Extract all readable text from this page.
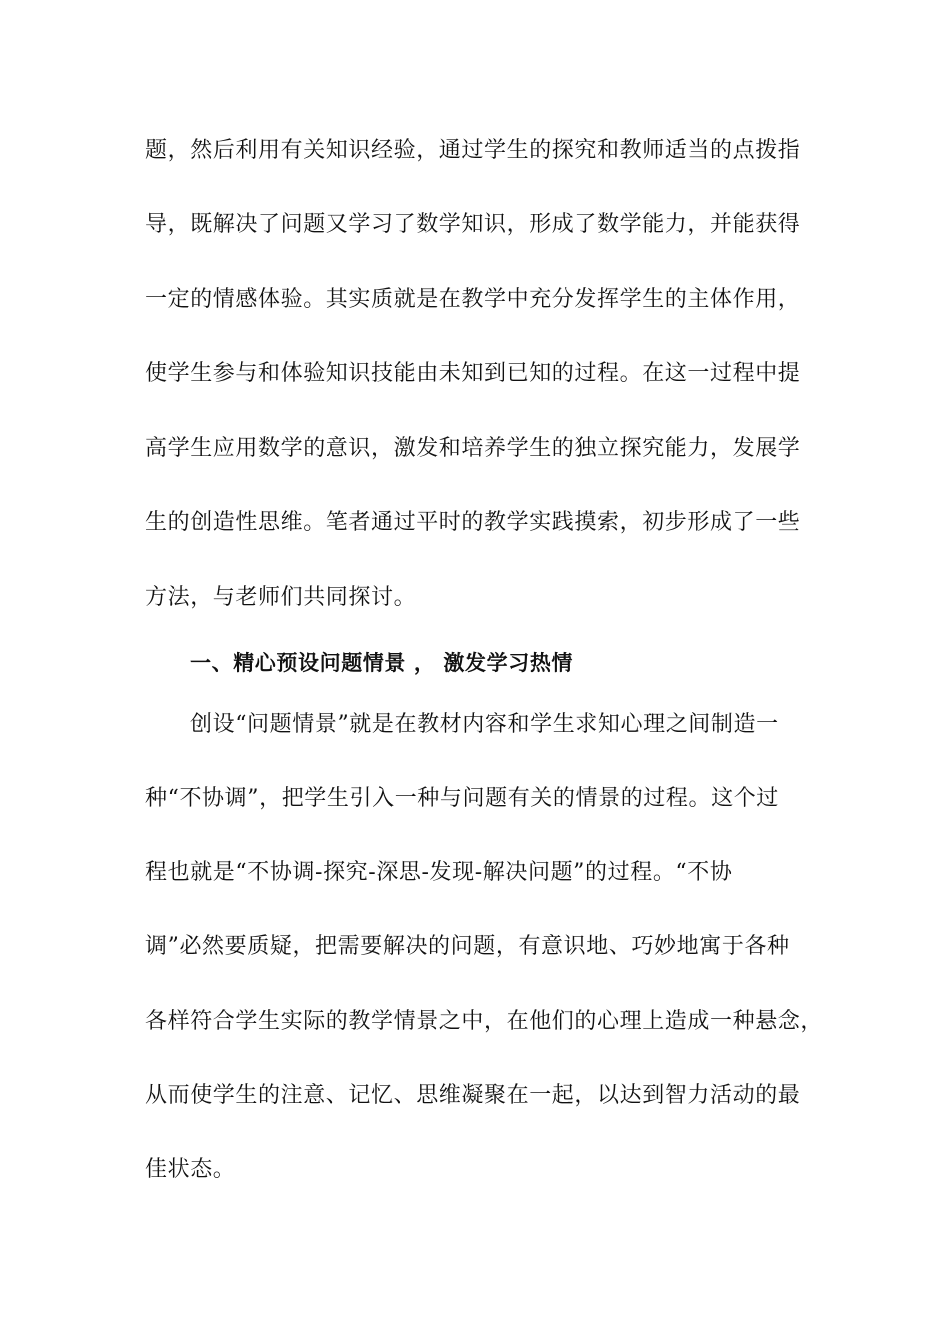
题，然后利用有关知识经验，通过学生的探究和教师适当的点拨指
导，既解决了问题又学习了数学知识，形成了数学能力，并能获得
一定的情感体验。其实质就是在教学中充分发挥学生的主体作用，
使学生参与和体验知识技能由未知到已知的过程。在这一过程中提
高学生应用数学的意识，激发和培养学生的独立探究能力，发展学
生的创造性思维。笔者通过平时的教学实践摸索，初步形成了一些
方法，与老师们共同探讨。
一、精心预设问题情景 ， 激发学习热情
创设“问题情景”就是在教材内容和学生求知心理之间制造一
种“不协调”，把学生引入一种与问题有关的情景的过程。这个过
程也就是“不协调-探究-深思-发现-解决问题”的过程。“不协
调”必然要质疑，把需要解决的问题，有意识地、巧妙地寓于各种
各样符合学生实际的教学情景之中，在他们的心理上造成一种悬念，
从而使学生的注意、记忆、思维凝聚在一起，以达到智力活动的最
佳状态。
